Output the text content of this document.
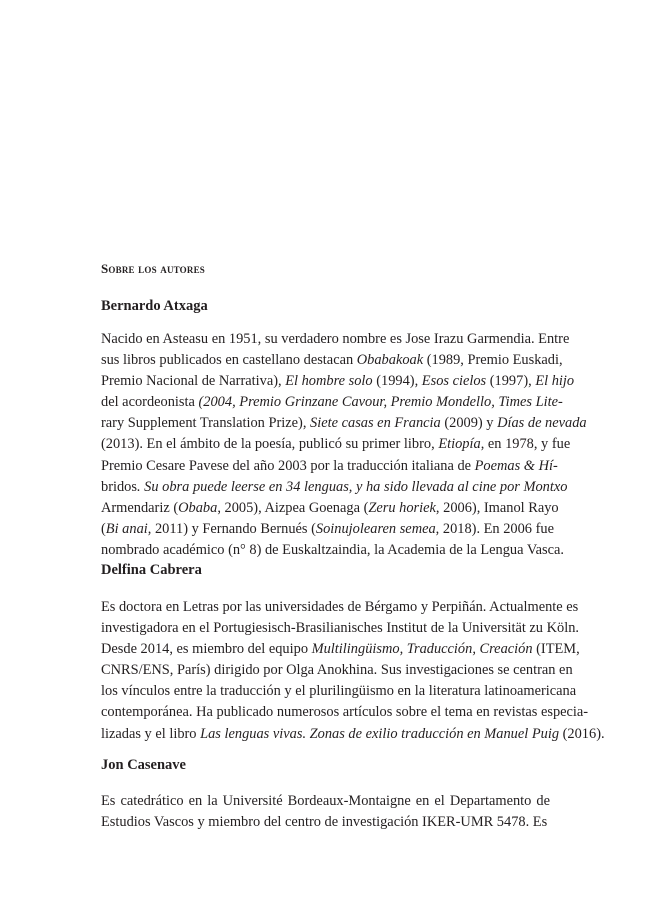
Sobre los autores
Bernardo Atxaga

Nacido en Asteasu en 1951, su verdadero nombre es Jose Irazu Garmendia. Entre
sus libros publicados en castellano destacan Obabakoak (1989, Premio Euskadi,
Premio Nacional de Narrativa), El hombre solo (1994), Esos cielos (1997), El hijo
del acordeonista (2004, Premio Grinzane Cavour, Premio Mondello, Times Lite-
rary Supplement Translation Prize), Siete casas en Francia (2009) y Días de nevada
(2013). En el ámbito de la poesía, publicó su primer libro, Etiopía, en 1978, y fue
Premio Cesare Pavese del año 2003 por la traducción italiana de Poemas & Hí-
bridos. Su obra puede leerse en 34 lenguas, y ha sido llevada al cine por Montxo
Armendariz (Obaba, 2005), Aizpea Goenaga (Zeru horiek, 2006), Imanol Rayo
(Bi anai, 2011) y Fernando Bernués (Soinujolearen semea, 2018). En 2006 fue
nombrado académico (n° 8) de Euskaltzaindia, la Academia de la Lengua Vasca.

Delfina Cabrera

Es doctora en Letras por las universidades de Bérgamo y Perpiñán. Actualmente es
investigadora en el Portugiesisch-Brasilianisches Institut de la Universität zu Köln.
Desde 2014, es miembro del equipo Multilingüismo, Traducción, Creación (ITEM,
CNRS/ENS, París) dirigido por Olga Anokhina. Sus investigaciones se centran en
los vínculos entre la traducción y el plurilingüismo en la literatura latinoamericana
contemporánea. Ha publicado numerosos artículos sobre el tema en revistas especia-
lizadas y el libro Las lenguas vivas. Zonas de exilio traducción en Manuel Puig (2016).

Jon Casenave

Es catedrático en la Université Bordeaux-Montaigne en el Departamento de
Estudios Vascos y miembro del centro de investigación IKER-UMR 5478. Es
